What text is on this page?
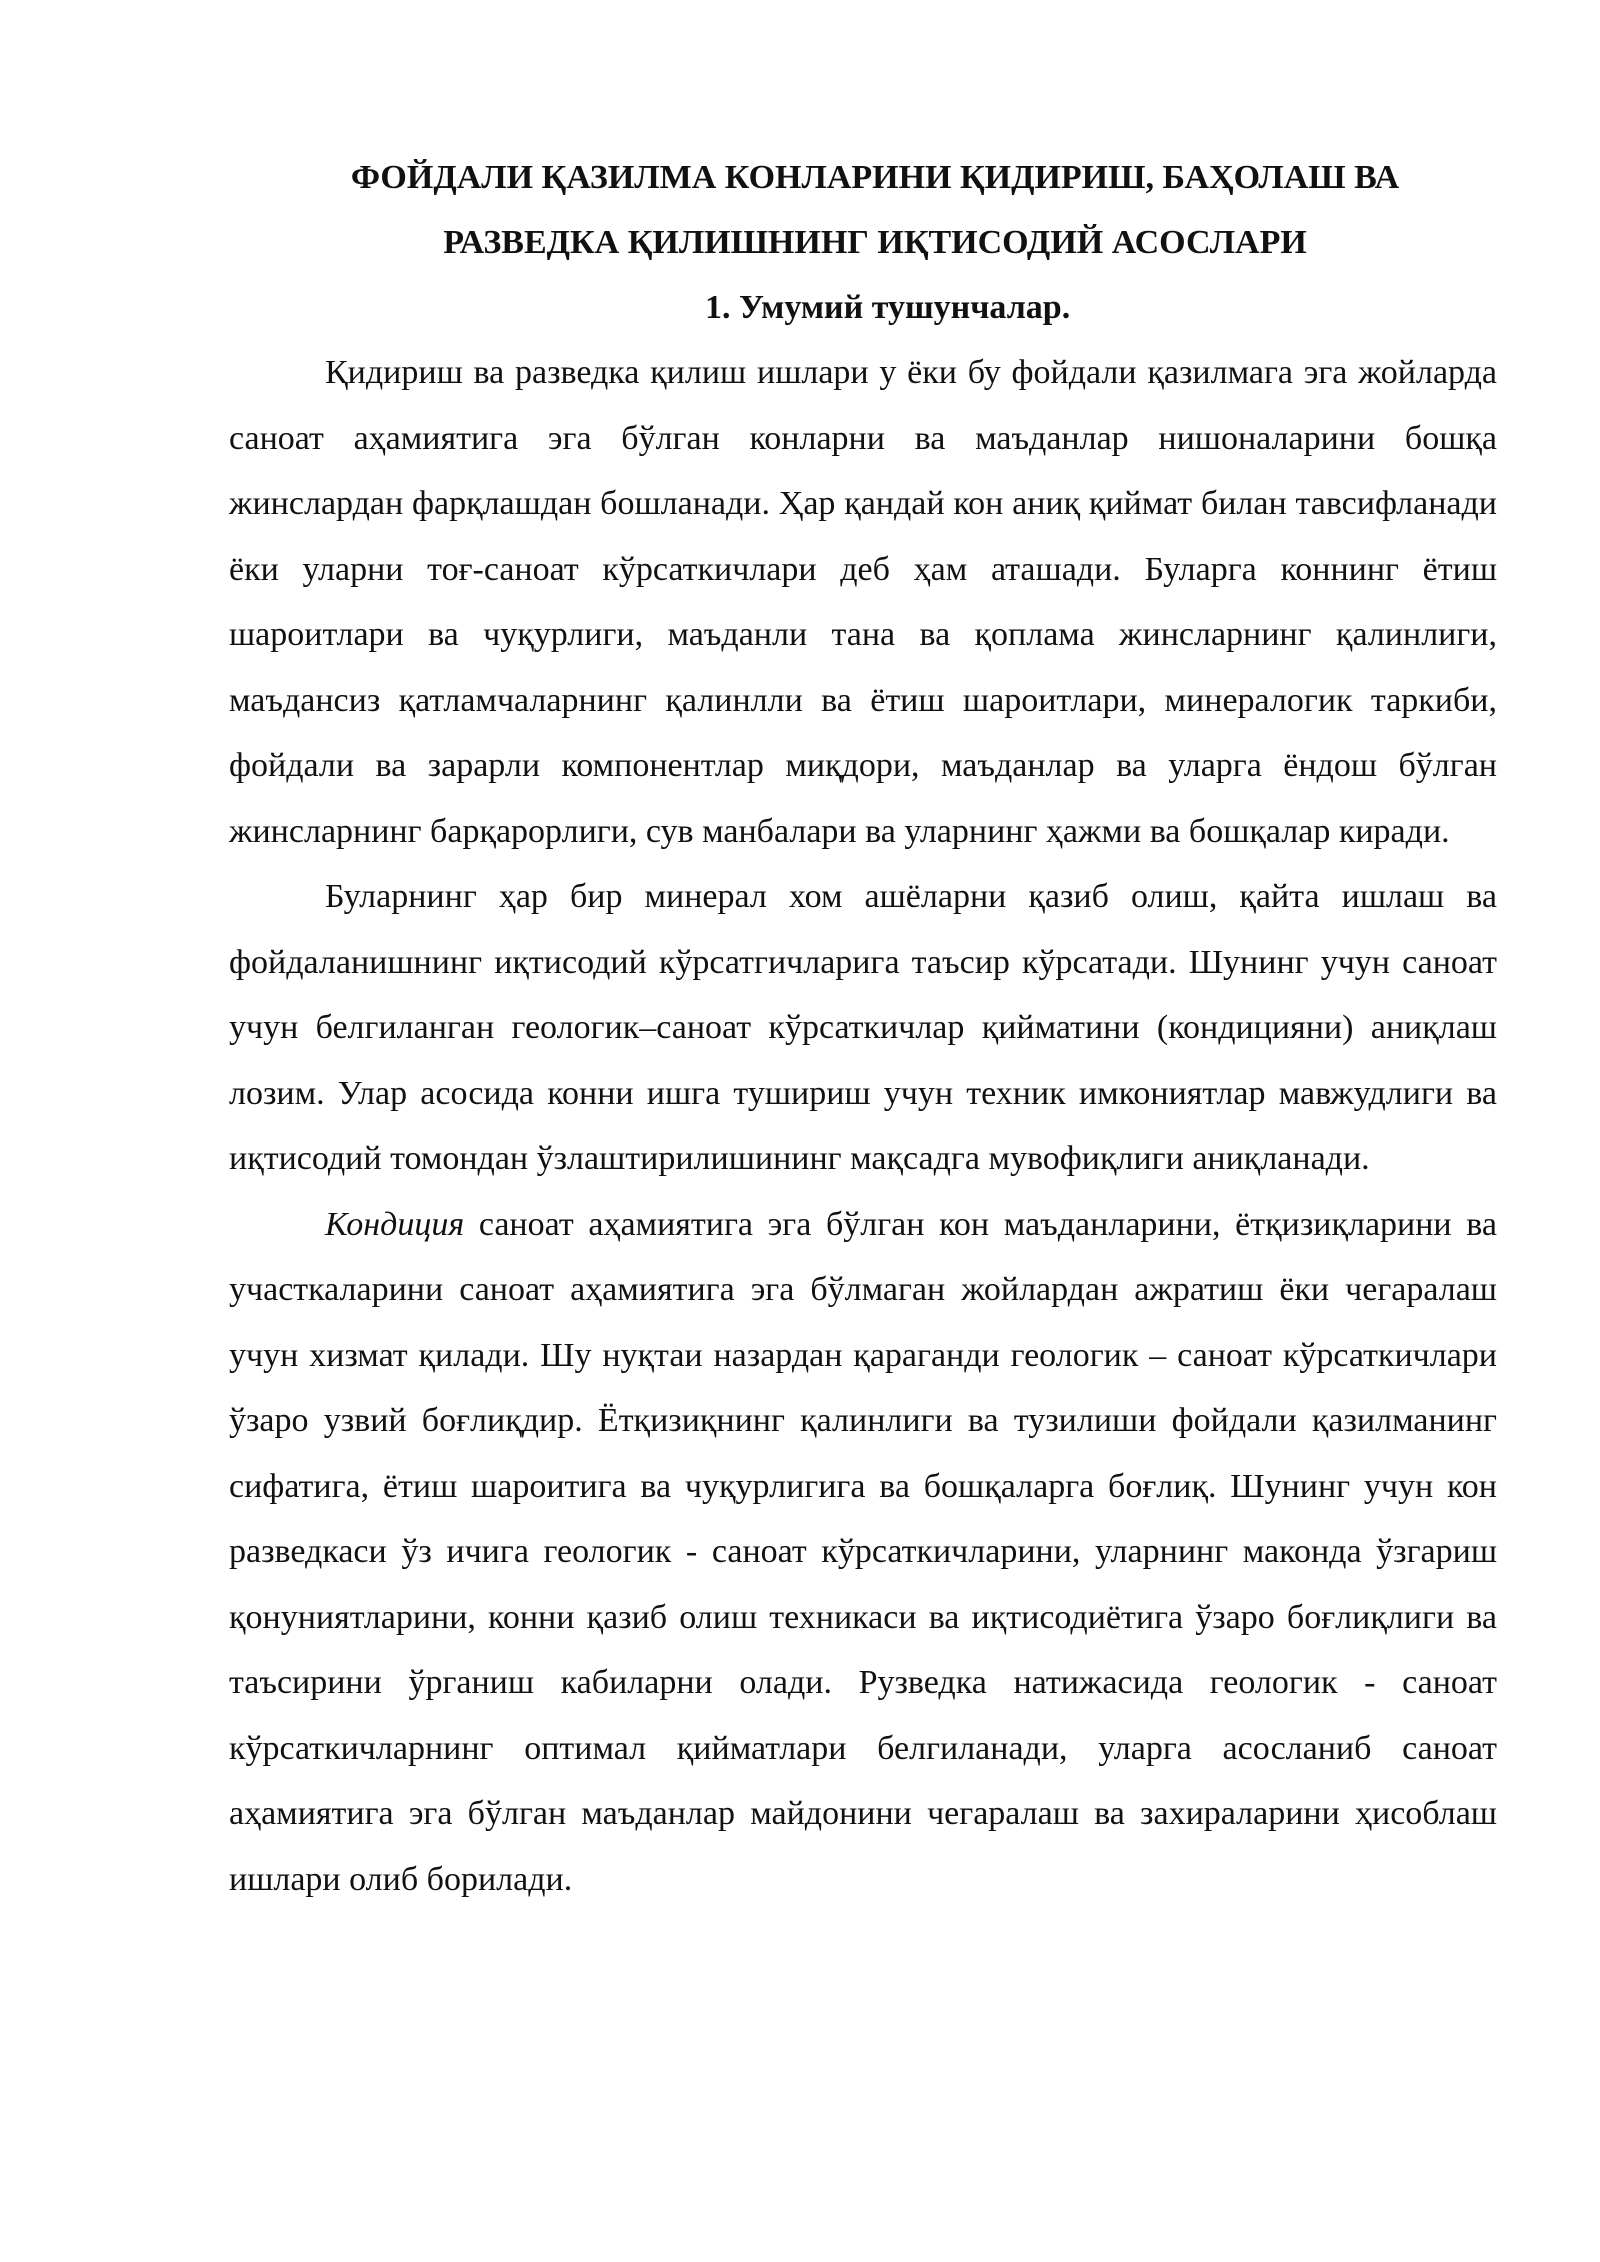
ФОЙДАЛИ ҚАЗИЛМА КОНЛАРИНИ ҚИДИРИШ, БАҲОЛАШ ВА
РАЗВЕДКА ҚИЛИШНИНГ ИҚТИСОДИЙ АСОСЛАРИ
1. Умумий тушунчалар.

Қидириш ва разведка қилиш ишлари у ёки бу фойдали қазилмага эга жойларда саноат аҳамиятига эга бўлган конларни ва маъданлар нишоналарини бошқа жинслардан фарқлашдан бошланади. Ҳар қандай кон аниқ қиймат билан тавсифланади ёки уларни тоғ-саноат кўрсаткичлари деб ҳам аташади. Буларга коннинг ётиш шароитлари ва чуқурлиги, маъданли тана ва қоплама жинсларнинг қалинлиги, маъдансиз қатламчаларнинг қалинлли ва ётиш шароитлари, минералогик таркиби, фойдали ва зарарли компонентлар миқдори, маъданлар ва уларга ёндош бўлган жинсларнинг барқарорлиги, сув манбалари ва уларнинг ҳажми ва бошқалар киради.

Буларнинг ҳар бир минерал хом ашёларни қазиб олиш, қайта ишлаш ва фойдаланишнинг иқтисодий кўрсатгичларига таъсир кўрсатади. Шунинг учун саноат учун белгиланган геологик–саноат кўрсаткичлар қийматини (кондицияни) аниқлаш лозим. Улар асосида конни ишга тушириш учун техник имкониятлар мавжудлиги ва иқтисодий томондан ўзлаштирилишининг мақсадга мувофиқлиги аниқланади.

Кондиция саноат аҳамиятига эга бўлган кон маъданларини, ётқизиқларини ва участкаларини саноат аҳамиятига эга бўлмаган жойлардан ажратиш ёки чегаралаш учун хизмат қилади. Шу нуқтаи назардан қараганди геологик – саноат кўрсаткичлари ўзаро узвий боғлиқдир. Ётқизиқнинг қалинлиги ва тузилиши фойдали қазилманинг сифатига, ётиш шароитига ва чуқурлигига ва бошқаларга боғлиқ. Шунинг учун кон разведкаси ўз ичига геологик - саноат кўрсаткичларини, уларнинг маконда ўзгариш қонуниятларини, конни қазиб олиш техникаси ва иқтисодиётига ўзаро боғлиқлиги ва таъсирини ўрганиш кабиларни олади. Рузведка натижасида геологик - саноат кўрсаткичларнинг оптимал қийматлари белгиланади, уларга асосланиб саноат аҳамиятига эга бўлган маъданлар майдонини чегаралаш ва захираларини ҳисоблаш ишлари олиб борилади.
